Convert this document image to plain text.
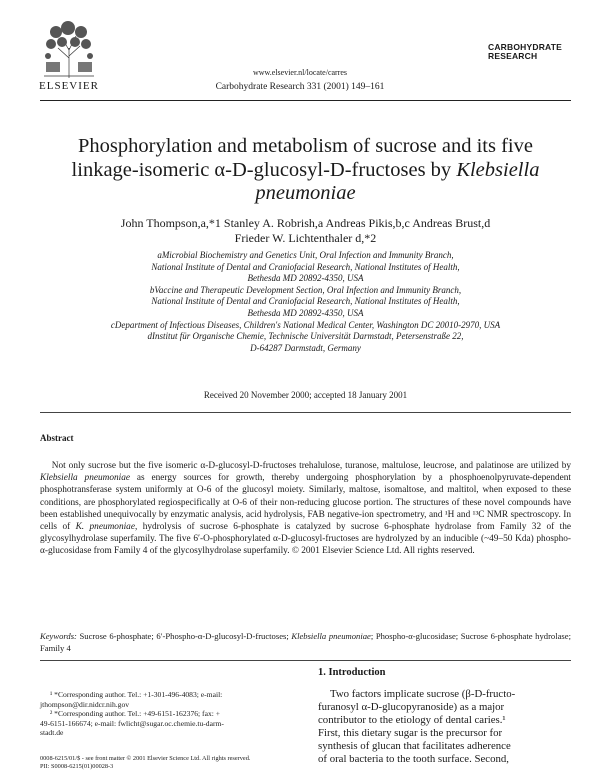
ELSEVIER
www.elsevier.nl/locate/carres
Carbohydrate Research 331 (2001) 149–161
CARBOHYDRATE
RESEARCH
Phosphorylation and metabolism of sucrose and its five
linkage-isomeric α-D-glucosyl-D-fructoses by Klebsiella
pneumoniae
John Thompson,a,*1 Stanley A. Robrish,a Andreas Pikis,b,c Andreas Brust,d
Frieder W. Lichtenthaler d,*2
aMicrobial Biochemistry and Genetics Unit, Oral Infection and Immunity Branch,
National Institute of Dental and Craniofacial Research, National Institutes of Health,
Bethesda MD 20892-4350, USA
bVaccine and Therapeutic Development Section, Oral Infection and Immunity Branch,
National Institute of Dental and Craniofacial Research, National Institutes of Health,
Bethesda MD 20892-4350, USA
cDepartment of Infectious Diseases, Children's National Medical Center, Washington DC 20010-2970, USA
dInstitut für Organische Chemie, Technische Universität Darmstadt, Petersenstraße 22,
D-64287 Darmstadt, Germany
Received 20 November 2000; accepted 18 January 2001
Abstract
Not only sucrose but the five isomeric α-D-glucosyl-D-fructoses trehalulose, turanose, maltulose, leucrose, and palatinose are utilized by Klebsiella pneumoniae as energy sources for growth, thereby undergoing phosphorylation by a phosphoenolpyruvate-dependent phosphotransferase system uniformly at O-6 of the glucosyl moiety. Similarly, maltose, isomaltose, and maltitol, when exposed to these conditions, are phosphorylated regiospecifically at O-6 of their non-reducing glucose portion. The structures of these novel compounds have been established unequivocally by enzymatic analysis, acid hydrolysis, FAB negative-ion spectrometry, and ¹H and ¹³C NMR spectroscopy. In cells of K. pneumoniae, hydrolysis of sucrose 6-phosphate is catalyzed by sucrose 6-phosphate hydrolase from Family 32 of the glycosylhydrolase superfamily. The five 6′-O-phosphorylated α-D-glucosyl-fructoses are hydrolyzed by an inducible (~49–50 Kda) phospho-α-glucosidase from Family 4 of the glycosylhydrolase superfamily. © 2001 Elsevier Science Ltd. All rights reserved.
Keywords: Sucrose 6-phosphate; 6′-Phospho-α-D-glucosyl-D-fructoses; Klebsiella pneumoniae; Phospho-α-glucosidase; Sucrose 6-phosphate hydrolase; Family 4
1. Introduction
Two factors implicate sucrose (β-D-fructo-
furanosyl α-D-glucopyranoside) as a major
contributor to the etiology of dental caries.¹
First, this dietary sugar is the precursor for
synthesis of glucan that facilitates adherence
of oral bacteria to the tooth surface. Second,
¹ *Corresponding author. Tel.: +1-301-496-4083; e-mail:
jthompson@dir.nidcr.nih.gov
² *Corresponding author. Tel.: +49-6151-162376; fax: +
49-6151-166674; e-mail: fwlicht@sugar.oc.chemie.tu-darm-
stadt.de
0008-6215/01/$ - see front matter © 2001 Elsevier Science Ltd. All rights reserved.
PII: S0008-6215(01)00028-3
